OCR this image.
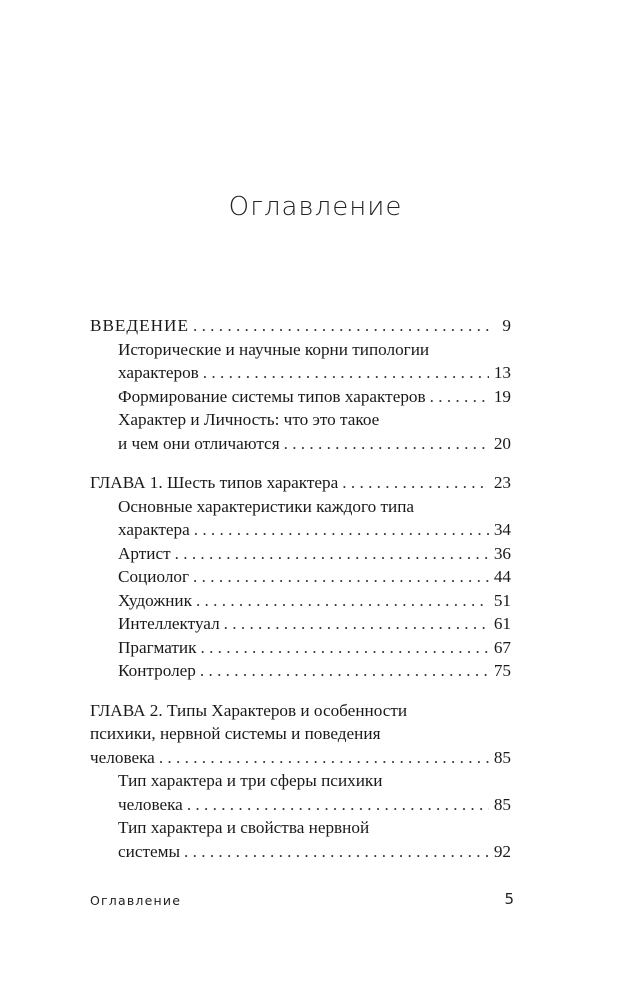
Оглавление
ВВЕДЕНИЕ . . .	9
Исторические и научные корни типологии
характеров . . .	13
Формирование системы типов характеров . . .	19
Характер и Личность: что это такое
и чем они отличаются . . .	20
ГЛАВА 1. Шесть типов характера . . .	23
Основные характеристики каждого типа
характера . . .	34
Артист . . .	36
Социолог . . .	44
Художник . . .	51
Интеллектуал . . .	61
Прагматик . . .	67
Контролер . . .	75
ГЛАВА 2. Типы Характеров и особенности
психики, нервной системы и поведения
человека . . .	85
Тип характера и три сферы психики
человека . . .	85
Тип характера и свойства нервной
системы . . .	92
Оглавление	5
